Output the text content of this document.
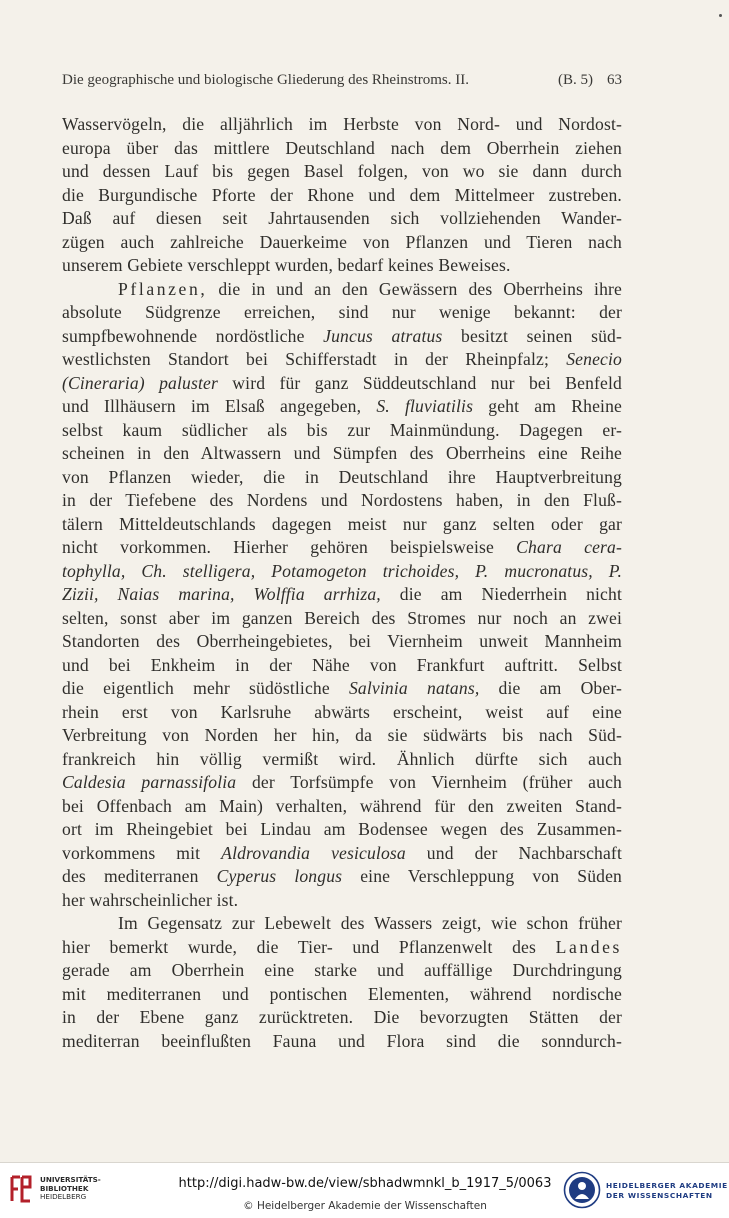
Die geographische und biologische Gliederung des Rheinstroms. II.	(B. 5) 63
Wasservögeln, die alljährlich im Herbste von Nord- und Nordost-
europa über das mittlere Deutschland nach dem Oberrhein ziehen
und dessen Lauf bis gegen Basel folgen, von wo sie dann durch
die Burgundische Pforte der Rhone und dem Mittelmeer zustreben.
Daß auf diesen seit Jahrtausenden sich vollziehenden Wander-
zügen auch zahlreiche Dauerkeime von Pflanzen und Tieren nach
unserem Gebiete verschleppt wurden, bedarf keines Beweises.
Pflanzen, die in und an den Gewässern des Oberrheins ihre
absolute Südgrenze erreichen, sind nur wenige bekannt: der
sumpfbewohnende nordöstliche Juncus atratus besitzt seinen süd-
westlichsten Standort bei Schifferstadt in der Rheinpfalz; Senecio
(Cineraria) paluster wird für ganz Süddeutschland nur bei Benfeld
und Illhäusern im Elsaß angegeben, S. fluviatilis geht am Rheine
selbst kaum südlicher als bis zur Mainmündung. Dagegen er-
scheinen in den Altwassern und Sümpfen des Oberrheins eine Reihe
von Pflanzen wieder, die in Deutschland ihre Hauptverbreitung
in der Tiefebene des Nordens und Nordostens haben, in den Fluß-
tälern Mitteldeutschlands dagegen meist nur ganz selten oder gar
nicht vorkommen. Hierher gehören beispielsweise Chara cera-
tophylla, Ch. stelligera, Potamogeton trichoides, P. mucronatus, P.
Zizii, Naias marina, Wolffia arrhiza, die am Niederrhein nicht
selten, sonst aber im ganzen Bereich des Stromes nur noch an zwei
Standorten des Oberrheingebietes, bei Viernheim unweit Mannheim
und bei Enkheim in der Nähe von Frankfurt auftritt. Selbst
die eigentlich mehr südöstliche Salvinia natans, die am Ober-
rhein erst von Karlsruhe abwärts erscheint, weist auf eine
Verbreitung von Norden her hin, da sie südwärts bis nach Süd-
frankreich hin völlig vermißt wird. Ähnlich dürfte sich auch
Caldesia parnassifolia der Torfsümpfe von Viernheim (früher auch
bei Offenbach am Main) verhalten, während für den zweiten Stand-
ort im Rheingebiet bei Lindau am Bodensee wegen des Zusammen-
vorkommens mit Aldrovandia vesiculosa und der Nachbarschaft
des mediterranen Cyperus longus eine Verschleppung von Süden
her wahrscheinlicher ist.
Im Gegensatz zur Lebewelt des Wassers zeigt, wie schon früher
hier bemerkt wurde, die Tier- und Pflanzenwelt des Landes
gerade am Oberrhein eine starke und auffällige Durchdringung
mit mediterranen und pontischen Elementen, während nordische
in der Ebene ganz zurücktreten. Die bevorzugten Stätten der
mediterran beeinflußten Fauna und Flora sind die sonndurch-
UNIVERSITÄTS-
BIBLIOTHEK
HEIDELBERG
http://digi.hadw-bw.de/view/sbhadwmnkl_b_1917_5/0063
© Heidelberger Akademie der Wissenschaften
HEIDELBERGER AKADEMIE
DER WISSENSCHAFTEN
